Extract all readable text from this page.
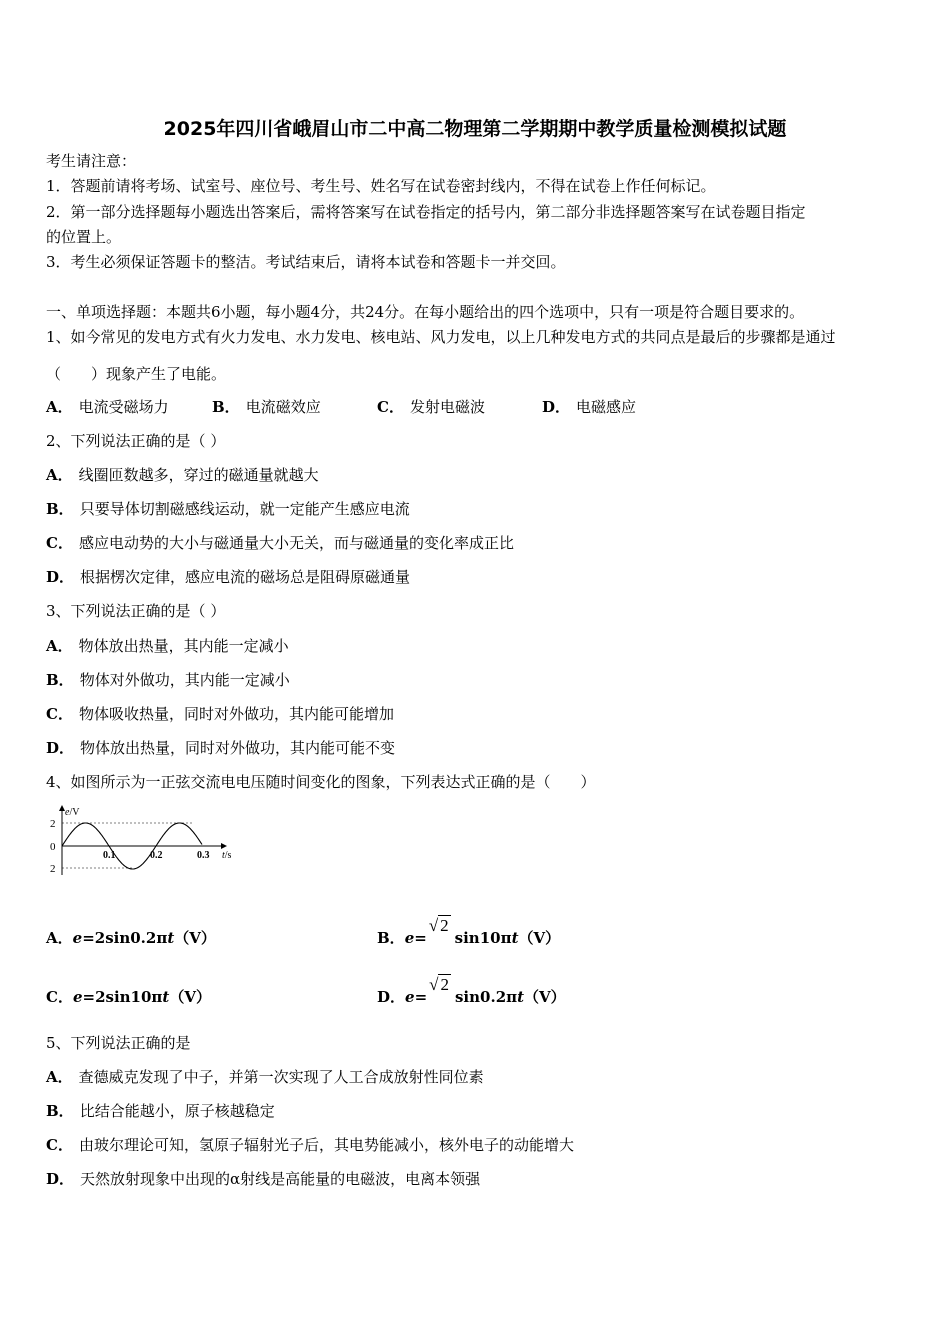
2025年四川省峨眉山市二中高二物理第二学期期中教学质量检测模拟试题
考生请注意：
1．答题前请将考场、试室号、座位号、考生号、姓名写在试卷密封线内，不得在试卷上作任何标记。
2．第一部分选择题每小题选出答案后，需将答案写在试卷指定的括号内，第二部分非选择题答案写在试卷题目指定
的位置上。
3．考生必须保证答题卡的整洁。考试结束后，请将本试卷和答题卡一并交回。
一、单项选择题：本题共6小题，每小题4分，共24分。在每小题给出的四个选项中，只有一项是符合题目要求的。
1、如今常见的发电方式有火力发电、水力发电、核电站、风力发电，以上几种发电方式的共同点是最后的步骤都是通过
（　　）现象产生了电能。
A． 电流受磁场力	B． 电流磁效应	C． 发射电磁波	D． 电磁感应
2、下列说法正确的是（ ）
A． 线圈匝数越多，穿过的磁通量就越大
B． 只要导体切割磁感线运动，就一定能产生感应电流
C． 感应电动势的大小与磁通量大小无关，而与磁通量的变化率成正比
D． 根据楞次定律，感应电流的磁场总是阻碍原磁通量
3、下列说法正确的是（ ）
A． 物体放出热量，其内能一定减小
B． 物体对外做功，其内能一定减小
C． 物体吸收热量，同时对外做功，其内能可能增加
D． 物体放出热量，同时对外做功，其内能可能不变
4、如图所示为一正弦交流电电压随时间变化的图象，下列表达式正确的是（　　）
e/V
2
0
2
0.1	0.2	0.3 t/s
A．e=2sin0.2πt（V）	B．e=√ 2sin10πt（V）
C．e=2sin10πt（V）	D．e=√ 2sin0.2πt（V）
5、下列说法正确的是
A． 查德威克发现了中子，并第一次实现了人工合成放射性同位素
B． 比结合能越小，原子核越稳定
C． 由玻尔理论可知，氢原子辐射光子后，其电势能减小，核外电子的动能增大
D． 天然放射现象中出现的α射线是高能量的电磁波，电离本领强
